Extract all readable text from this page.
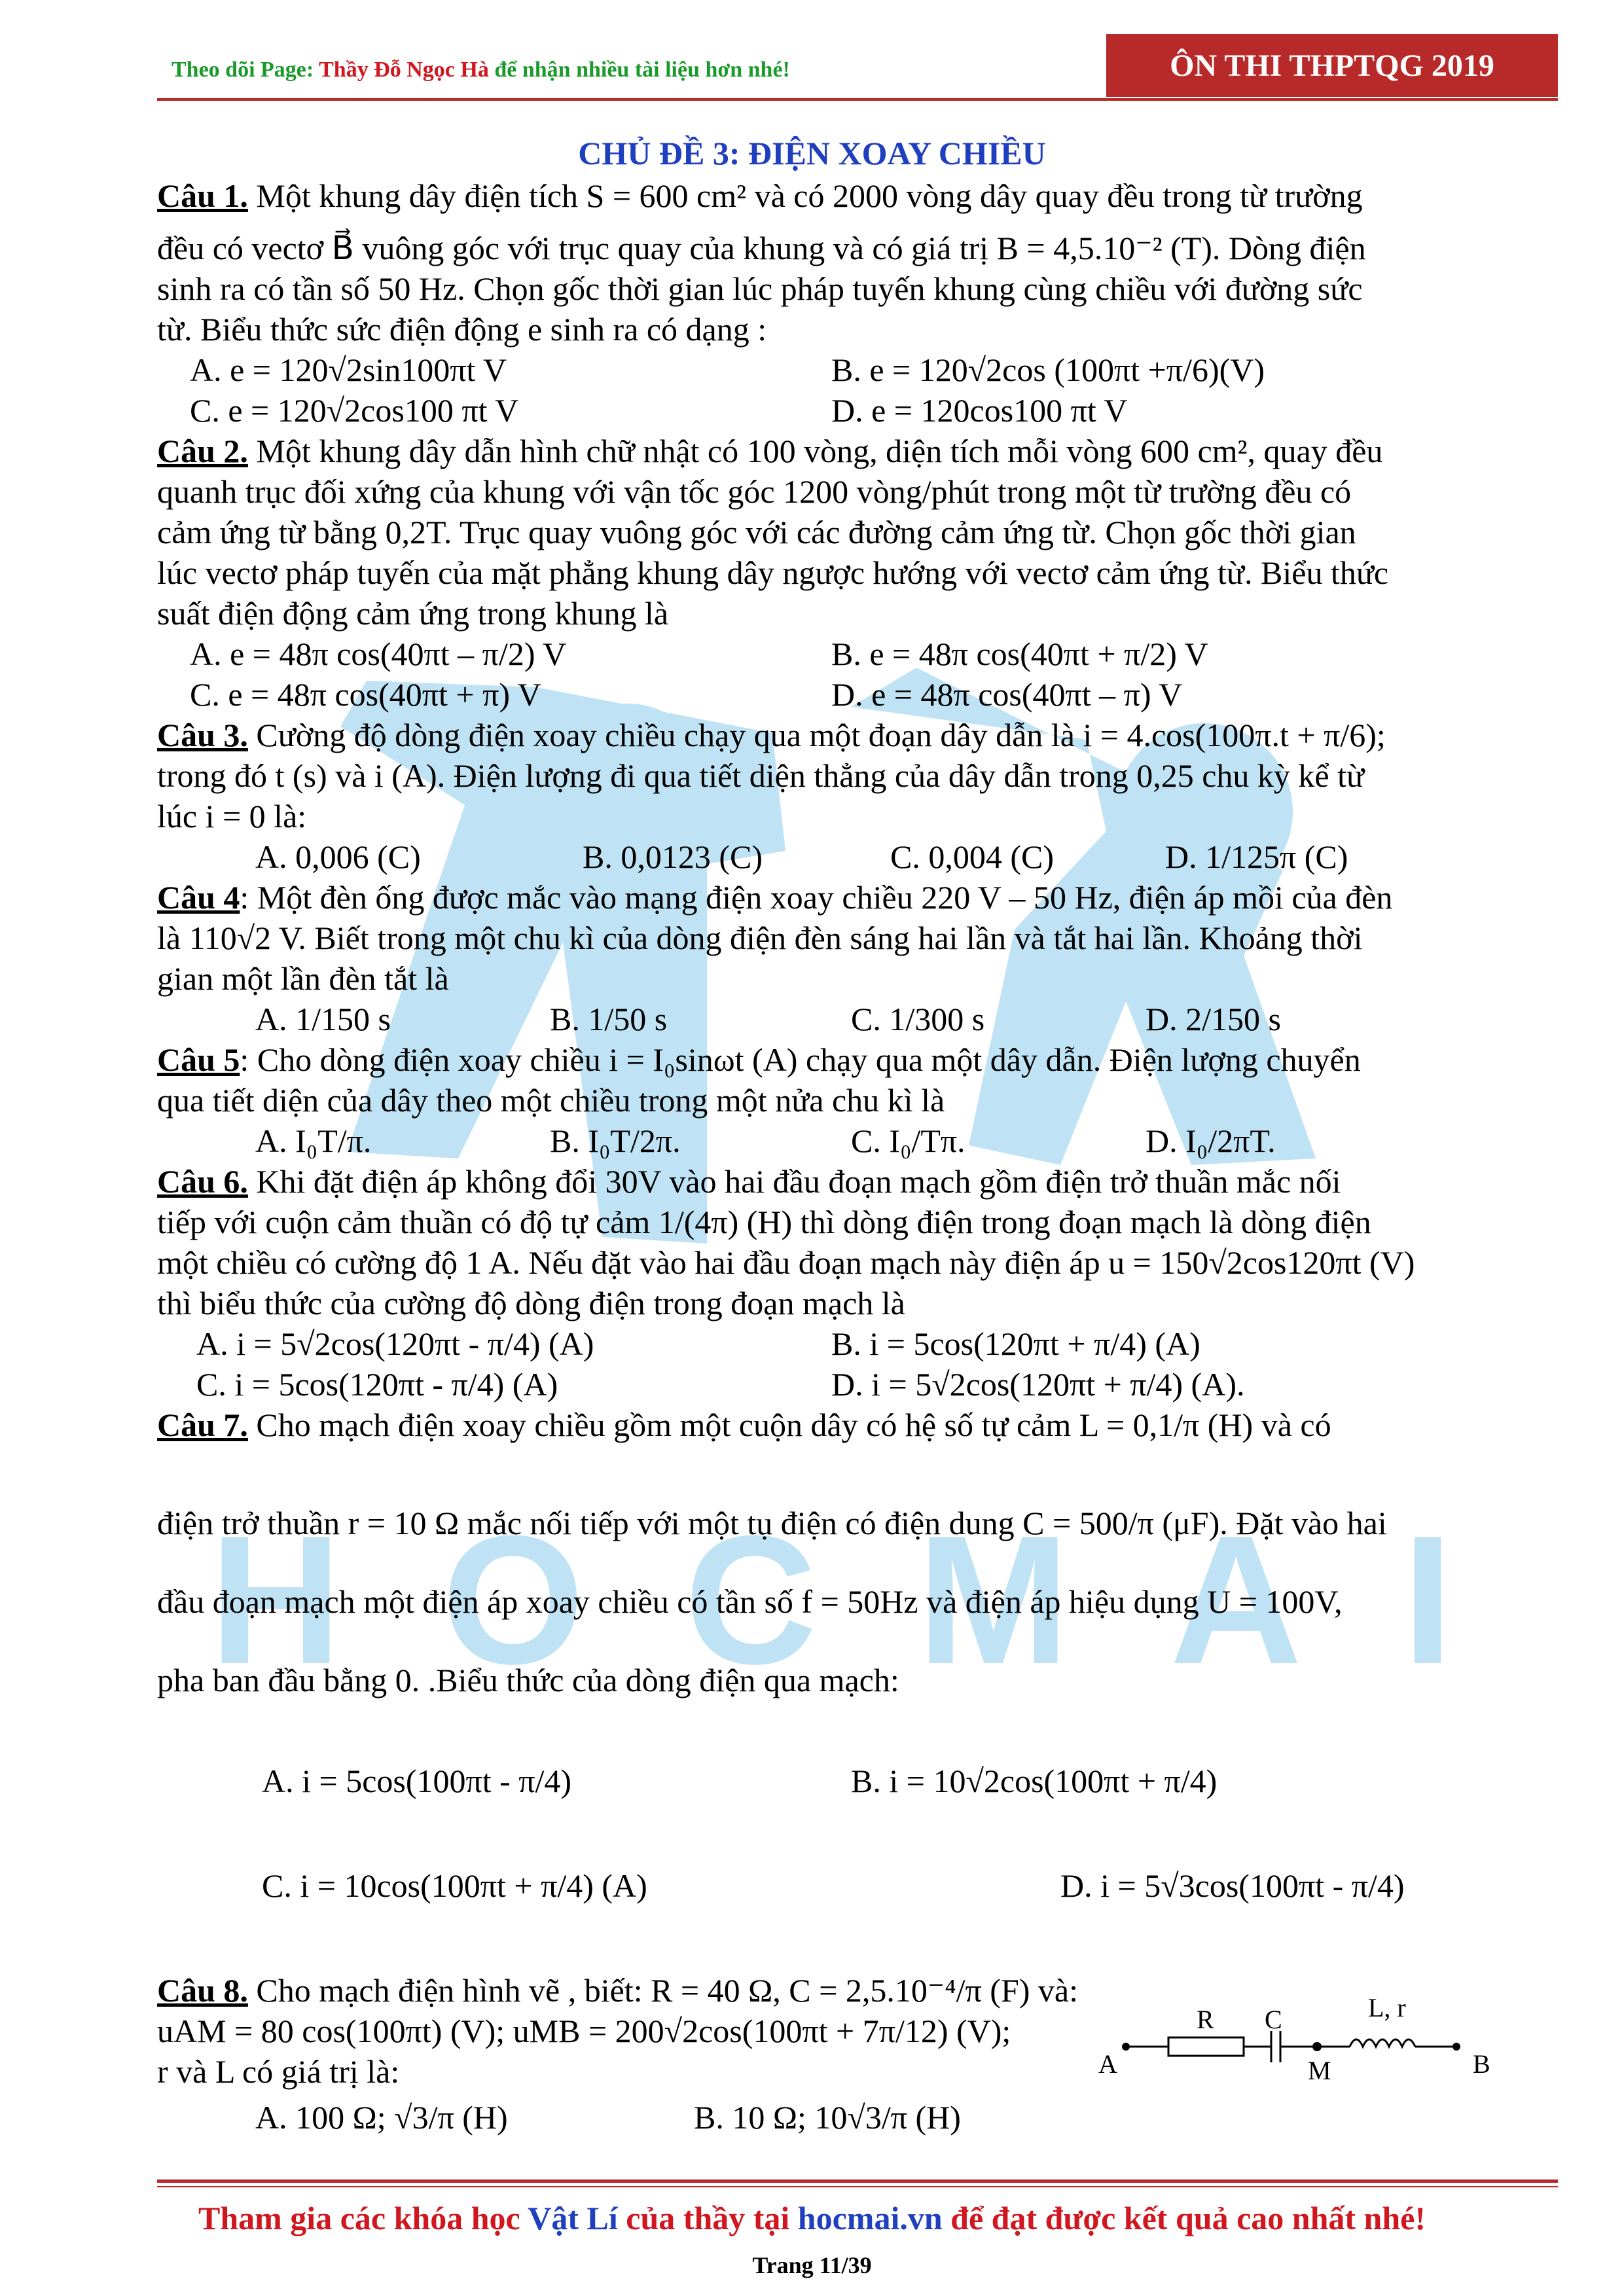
H O C M A I
Theo dõi Page: Thầy Đỗ Ngọc Hà để nhận nhiều tài liệu hơn nhé!	ÔN THI THPTQG 2019
CHỦ ĐỀ 3: ĐIỆN XOAY CHIỀU
Câu 1. Một khung dây điện tích S = 600 cm² và có 2000 vòng dây quay đều trong từ trường
đều có vectơ B⃗ vuông góc với trục quay của khung và có giá trị B = 4,5.10⁻² (T). Dòng điện
sinh ra có tần số 50 Hz. Chọn gốc thời gian lúc pháp tuyến khung cùng chiều với đường sức
từ. Biểu thức sức điện động e sinh ra có dạng :
A. e = 120√2sin100πt V	B. e = 120√2cos (100πt +π/6)(V)
C. e = 120√2cos100 πt V	D. e = 120cos100 πt V
Câu 2. Một khung dây dẫn hình chữ nhật có 100 vòng, diện tích mỗi vòng 600 cm², quay đều
quanh trục đối xứng của khung với vận tốc góc 1200 vòng/phút trong một từ trường đều có
cảm ứng từ bằng 0,2T. Trục quay vuông góc với các đường cảm ứng từ. Chọn gốc thời gian
lúc vectơ pháp tuyến của mặt phẳng khung dây ngược hướng với vectơ cảm ứng từ. Biểu thức
suất điện động cảm ứng trong khung là
A. e = 48π cos(40πt – π/2) V	B. e = 48π cos(40πt + π/2) V
C. e = 48π cos(40πt + π) V	D. e = 48π cos(40πt – π) V
Câu 3. Cường độ dòng điện xoay chiều chạy qua một đoạn dây dẫn là i = 4.cos(100π.t + π/6);
trong đó t (s) và i (A). Điện lượng đi qua tiết diện thẳng của dây dẫn trong 0,25 chu kỳ kể từ
lúc i = 0 là:
A. 0,006 (C)	B. 0,0123 (C)	C. 0,004 (C)	D. 1/125π (C)
Câu 4: Một đèn ống được mắc vào mạng điện xoay chiều 220 V – 50 Hz, điện áp mồi của đèn
là 110√2 V. Biết trong một chu kì của dòng điện đèn sáng hai lần và tắt hai lần. Khoảng thời
gian một lần đèn tắt là
A. 1/150 s	B. 1/50 s	C. 1/300 s	D. 2/150 s
Câu 5: Cho dòng điện xoay chiều i = I₀sinωt (A) chạy qua một dây dẫn. Điện lượng chuyển
qua tiết diện của dây theo một chiều trong một nửa chu kì là
A. I₀T/π.	B. I₀T/2π.	C. I₀/Tπ.	D. I₀/2πT.
Câu 6. Khi đặt điện áp không đổi 30V vào hai đầu đoạn mạch gồm điện trở thuần mắc nối
tiếp với cuộn cảm thuần có độ tự cảm 1/(4π) (H) thì dòng điện trong đoạn mạch là dòng điện
một chiều có cường độ 1 A. Nếu đặt vào hai đầu đoạn mạch này điện áp u = 150√2cos120πt (V)
thì biểu thức của cường độ dòng điện trong đoạn mạch là
A. i = 5√2cos(120πt - π/4) (A)	B. i = 5cos(120πt + π/4) (A)
C. i = 5cos(120πt - π/4) (A)	D. i = 5√2cos(120πt + π/4) (A).
Câu 7. Cho mạch điện xoay chiều gồm một cuộn dây có hệ số tự cảm L = 0,1/π (H) và có
điện trở thuần r = 10 Ω mắc nối tiếp với một tụ điện có điện dung C = 500/π (μF). Đặt vào hai
đầu đoạn mạch một điện áp xoay chiều có tần số f = 50Hz và điện áp hiệu dụng U = 100V,
pha ban đầu bằng 0. .Biểu thức của dòng điện qua mạch:
A. i = 5cos(100πt - π/4)	B. i = 10√2cos(100πt + π/4)
C. i = 10cos(100πt + π/4) (A)	D. i = 5√3cos(100πt - π/4)
Câu 8. Cho mạch điện hình vẽ , biết: R = 40 Ω, C = 2,5.10⁻⁴/π (F) và:
uAM = 80 cos(100πt) (V); uMB = 200√2cos(100πt + 7π/12) (V);
r và L có giá trị là:
A. 100 Ω; √3/π (H)	B. 10 Ω; 10√3/π (H)
A
R C
M
L, r
B
Tham gia các khóa học Vật Lí của thầy tại hocmai.vn để đạt được kết quả cao nhất nhé!
Trang 11/39
